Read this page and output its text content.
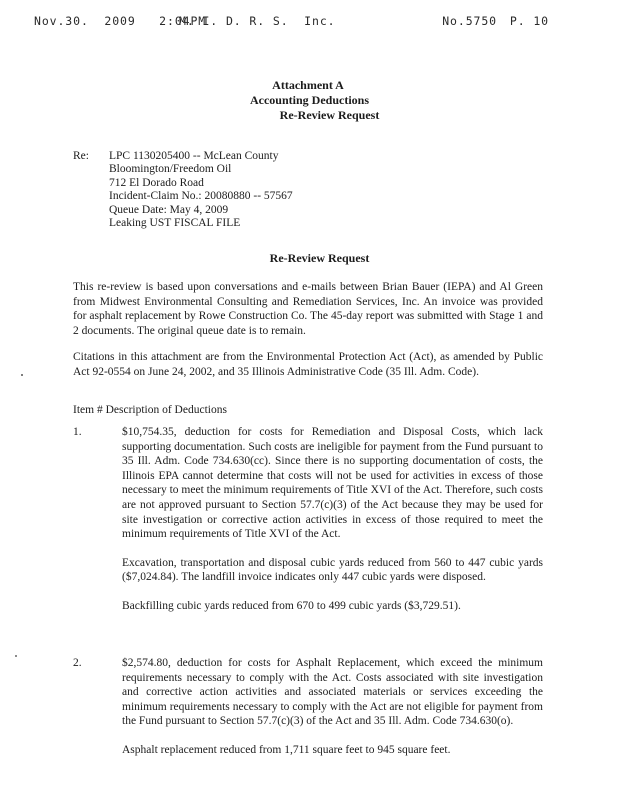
Nov.30.  2009   2:04PM
M. I. D. R. S.  Inc.	No.5750 P. 10
Attachment A
Accounting Deductions
Re-Review Request
Re: LPC 1130205400 -- McLean County
Bloomington/Freedom Oil
712 El Dorado Road
Incident-Claim No.: 20080880 -- 57567
Queue Date: May 4, 2009
Leaking UST FISCAL FILE
Re-Review Request
This re-review is based upon conversations and e-mails between Brian Bauer (IEPA) and Al Green from Midwest Environmental Consulting and Remediation Services, Inc. An invoice was provided for asphalt replacement by Rowe Construction Co. The 45-day report was submitted with Stage 1 and 2 documents. The original queue date is to remain.
Citations in this attachment are from the Environmental Protection Act (Act), as amended by Public Act 92-0554 on June 24, 2002, and 35 Illinois Administrative Code (35 Ill. Adm. Code).
Item # Description of Deductions
1.	$10,754.35, deduction for costs for Remediation and Disposal Costs, which lack supporting documentation. Such costs are ineligible for payment from the Fund pursuant to 35 Ill. Adm. Code 734.630(cc). Since there is no supporting documentation of costs, the Illinois EPA cannot determine that costs will not be used for activities in excess of those necessary to meet the minimum requirements of Title XVI of the Act. Therefore, such costs are not approved pursuant to Section 57.7(c)(3) of the Act because they may be used for site investigation or corrective action activities in excess of those required to meet the minimum requirements of Title XVI of the Act.

Excavation, transportation and disposal cubic yards reduced from 560 to 447 cubic yards ($7,024.84). The landfill invoice indicates only 447 cubic yards were disposed.

Backfilling cubic yards reduced from 670 to 499 cubic yards ($3,729.51).

2.	$2,574.80, deduction for costs for Asphalt Replacement, which exceed the minimum requirements necessary to comply with the Act. Costs associated with site investigation and corrective action activities and associated materials or services exceeding the minimum requirements necessary to comply with the Act are not eligible for payment from the Fund pursuant to Section 57.7(c)(3) of the Act and 35 Ill. Adm. Code 734.630(o).

Asphalt replacement reduced from 1,711 square feet to 945 square feet.
